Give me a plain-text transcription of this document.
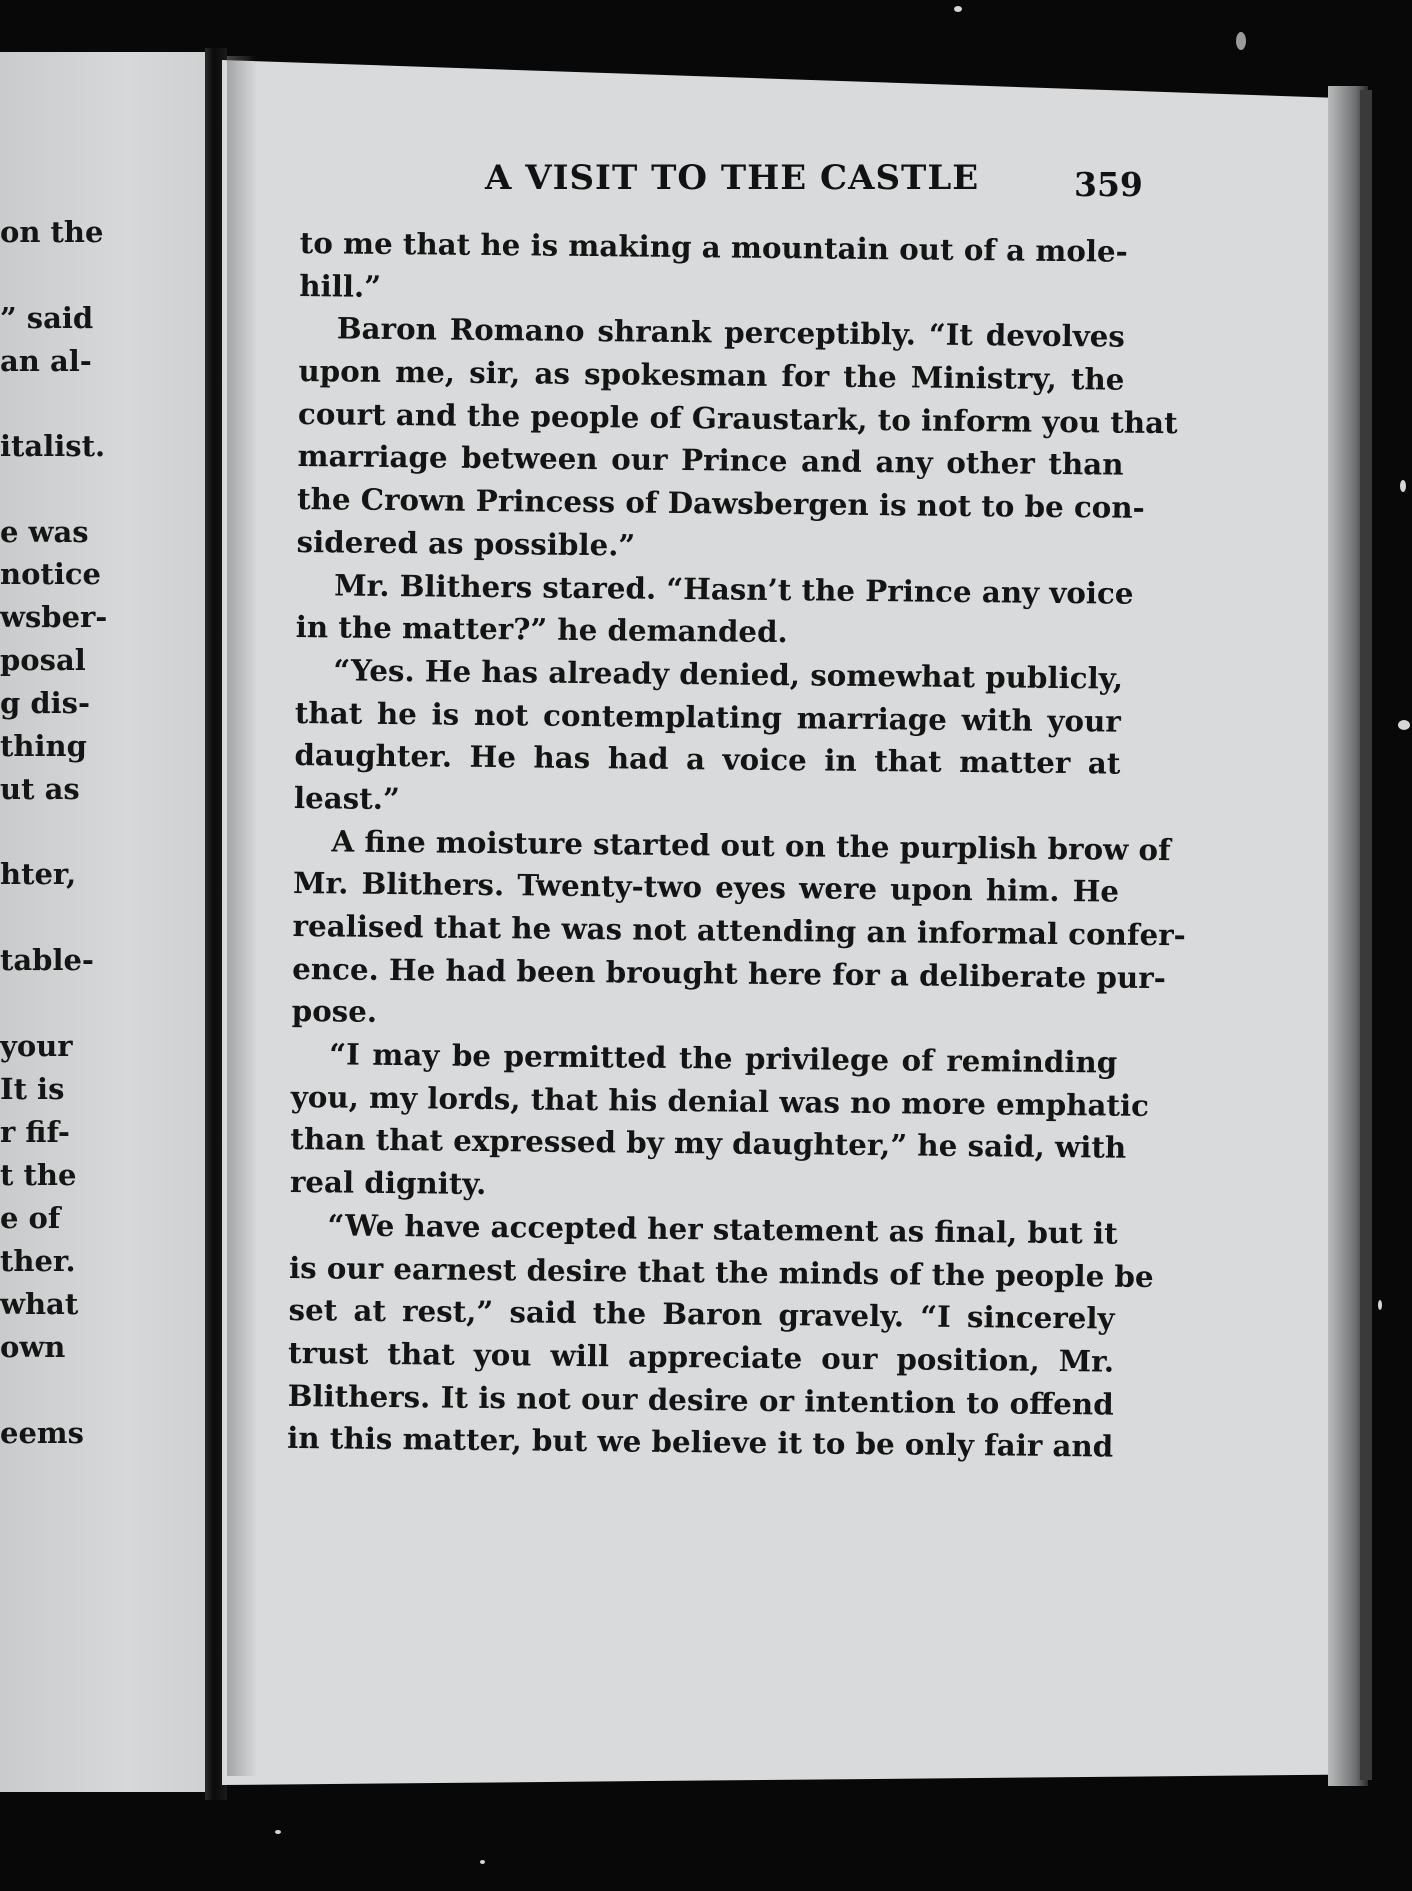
on the
” said
an al-
italist.
e was
notice
wsber-
posal
g dis-
thing
ut as
hter,
table-
your
It is
r fif-
t the
e of
ther.
what
own
eems
A VISIT TO THE CASTLE	359
to me that he is making a mountain out of a mole-
hill.”
Baron Romano shrank perceptibly. “It devolves
upon me, sir, as spokesman for the Ministry, the
court and the people of Graustark, to inform you that
marriage between our Prince and any other than
the Crown Princess of Dawsbergen is not to be con-
sidered as possible.”
Mr. Blithers stared. “Hasn’t the Prince any voice
in the matter?” he demanded.
“Yes. He has already denied, somewhat publicly,
that he is not contemplating marriage with your
daughter. He has had a voice in that matter at
least.”
A fine moisture started out on the purplish brow of
Mr. Blithers. Twenty-two eyes were upon him. He
realised that he was not attending an informal confer-
ence. He had been brought here for a deliberate pur-
pose.
“I may be permitted the privilege of reminding
you, my lords, that his denial was no more emphatic
than that expressed by my daughter,” he said, with
real dignity.
“We have accepted her statement as final, but it
is our earnest desire that the minds of the people be
set at rest,” said the Baron gravely. “I sincerely
trust that you will appreciate our position, Mr.
Blithers. It is not our desire or intention to offend
in this matter, but we believe it to be only fair and
